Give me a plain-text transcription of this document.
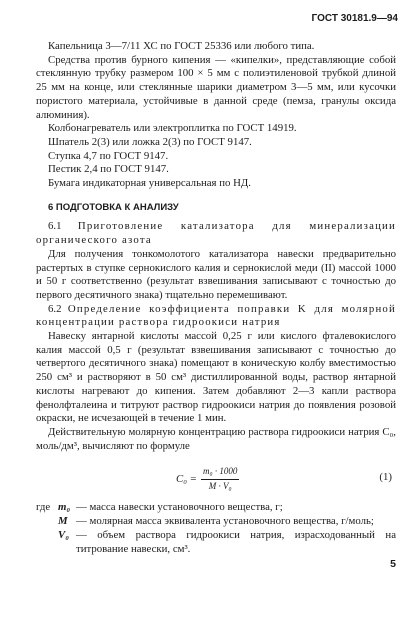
ГОСТ 30181.9—94

Капельница 3—7/11 ХС по ГОСТ 25336 или любого типа.

Средства против бурного кипения — «кипелки», представляющие собой стеклянную трубку размером 100 × 5 мм с полиэтиленовой трубкой длиной 25 мм на конце, или стеклянные шарики диаметром 3—5 мм, или кусочки пористого материала, устойчивые в данной среде (пемза, гранулы оксида алюминия).

Колбонагреватель или электроплитка по ГОСТ 14919.

Шпатель 2(3) или ложка 2(3) по ГОСТ 9147.

Ступка 4,7 по ГОСТ 9147.

Пестик 2,4 по ГОСТ 9147.

Бумага индикаторная универсальная по НД.

6 ПОДГОТОВКА К АНАЛИЗУ

6.1 Приготовление катализатора для минерализации органического азота

Для получения тонкомолотого катализатора навески предварительно растертых в ступке сернокислого калия и сернокислой меди (II) массой 1000 и 50 г соответственно (результат взвешивания записывают с точностью до первого десятичного знака) тщательно перемешивают.

6.2 Определение коэффициента поправки K для молярной концентрации раствора гидроокиси натрия

Навеску янтарной кислоты массой 0,25 г или кислого фталевокислого калия массой 0,5 г (результат взвешивания записывают с точностью до четвертого десятичного знака) помещают в коническую колбу вместимостью 250 см³ и растворяют в 50 см³ дистиллированной воды, раствор янтарной кислоты нагревают до кипения. Затем добавляют 2—3 капли раствора фенолфталеина и титруют раствор гидроокиси натрия до появления розовой окраски, не исчезающей в течение 1 мин.

Действительную молярную концентрацию раствора гидроокиси натрия C₀, моль/дм³, вычисляют по формуле

$C_0 = \frac{\text{m₀ · 1000}}{\text{M · V₀}}$	(1)
где m₀ — масса навески установочного вещества, г;
M — молярная масса эквивалента установочного вещества, г/моль;
V₀ — объем раствора гидроокиси натрия, израсходованный на титрование навески, см³.
5
